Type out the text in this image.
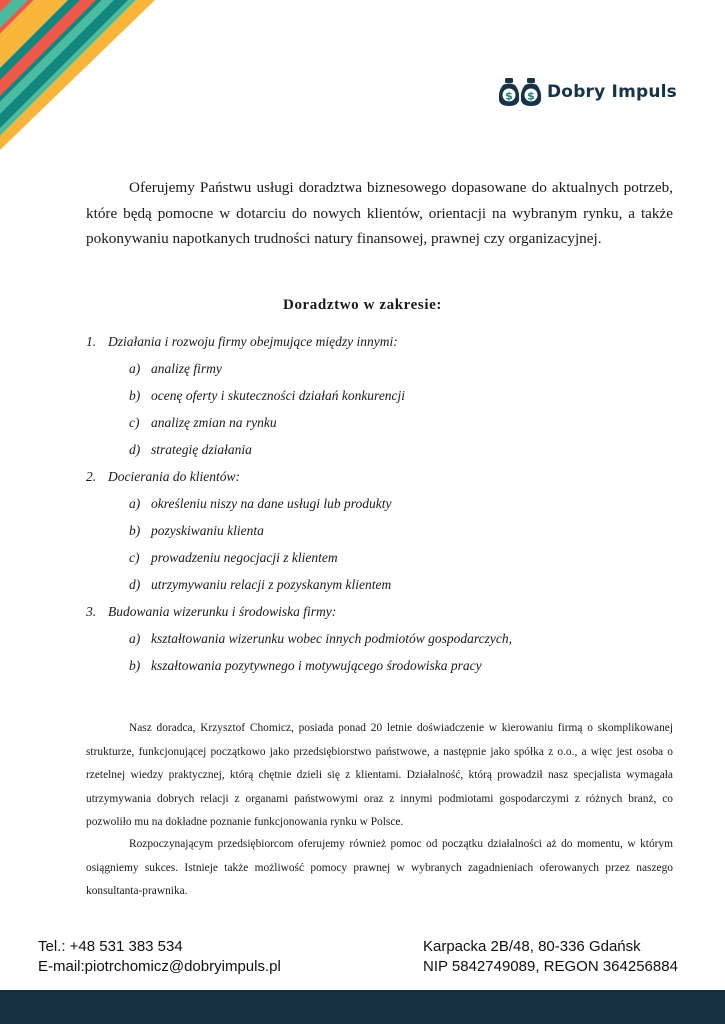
$ $ Dobry Impuls

Oferujemy Państwu usługi doradztwa biznesowego dopasowane do aktualnych potrzeb, które będą pomocne w dotarciu do nowych klientów, orientacji na wybranym rynku, a także pokonywaniu napotkanych trudności natury finansowej, prawnej czy organizacyjnej.

Doradztwo w zakresie:
1. Działania i rozwoju firmy obejmujące między innymi:
a) analizę firmy
b) ocenę oferty i skuteczności działań konkurencji
c) analizę zmian na rynku
d) strategię działania
2. Docierania do klientów:
a) określeniu niszy na dane usługi lub produkty
b) pozyskiwaniu klienta
c) prowadzeniu negocjacji z klientem
d) utrzymywaniu relacji z pozyskanym klientem
3. Budowania wizerunku i środowiska firmy:
a) kształtowania wizerunku wobec innych podmiotów gospodarczych,
b) kszałtowania pozytywnego i motywującego środowiska pracy

Nasz doradca, Krzysztof Chomicz, posiada ponad 20 letnie doświadczenie w kierowaniu firmą o skomplikowanej strukturze, funkcjonującej początkowo jako przedsiębiorstwo państwowe, a następnie jako spółka z o.o., a więc jest osoba o rzetelnej wiedzy praktycznej, którą chętnie dzieli się z klientami. Działalność, którą prowadził nasz specjalista wymagała utrzymywania dobrych relacji z organami państwowymi oraz z innymi podmiotami gospodarczymi z różnych branż, co pozwoliło mu na dokładne poznanie funkcjonowania rynku w Polsce.

Rozpoczynającym przedsiębiorcom oferujemy również pomoc od początku działalności aż do momentu, w którym osiągniemy sukces. Istnieje także możliwość pomocy prawnej w wybranych zagadnieniach oferowanych przez naszego konsultanta-prawnika.

Tel.: +48 531 383 534
E-mail:piotrchomicz@dobryimpuls.pl
Karpacka 2B/48, 80-336 Gdańsk
NIP 5842749089, REGON 364256884
